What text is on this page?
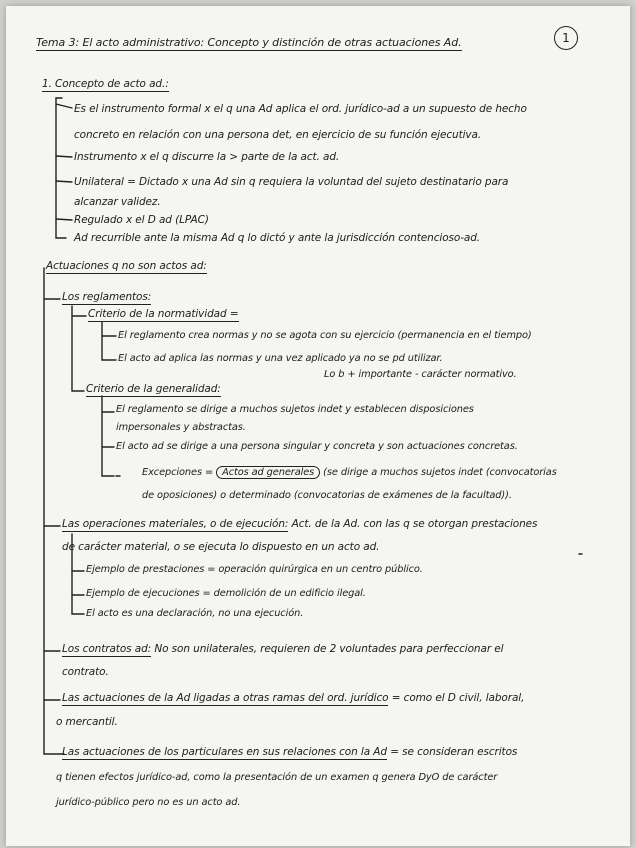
1
Tema 3: El acto administrativo: Concepto y distinción de otras actuaciones Ad.
1. Concepto de acto ad.:
Es el instrumento formal x el q una Ad aplica el ord. jurídico-ad a un supuesto de hecho
concreto en relación con una persona det, en ejercicio de su función ejecutiva.
Instrumento x el q discurre la > parte de la act. ad.
Unilateral = Dictado x una Ad sin q requiera la voluntad del sujeto destinatario para
alcanzar validez.
Regulado x el D ad (LPAC)
Ad recurrible ante la misma Ad q lo dictó y ante la jurisdicción contencioso-ad.
Actuaciones q no son actos ad:
Los reglamentos:
Criterio de la normatividad =
El reglamento crea normas y no se agota con su ejercicio (permanencia en el tiempo)
El acto ad aplica las normas y una vez aplicado ya no se pd utilizar.
Lo b + importante - carácter normativo.
Criterio de la generalidad:
El reglamento se dirige a muchos sujetos indet y establecen disposiciones
impersonales y abstractas.
El acto ad se dirige a una persona singular y concreta y son actuaciones concretas.
Excepciones = Actos ad generales (se dirige a muchos sujetos indet (convocatorias
de oposiciones) o determinado (convocatorias de exámenes de la facultad)).
Las operaciones materiales, o de ejecución: Act. de la Ad. con las q se otorgan prestaciones
de carácter material, o se ejecuta lo dispuesto en un acto ad.
Ejemplo de prestaciones = operación quirúrgica en un centro público.
Ejemplo de ejecuciones = demolición de un edificio ilegal.
El acto es una declaración, no una ejecución.
Los contratos ad: No son unilaterales, requieren de 2 voluntades para perfeccionar el
contrato.
Las actuaciones de la Ad ligadas a otras ramas del ord. jurídico = como el D civil, laboral,
o mercantil.
Las actuaciones de los particulares en sus relaciones con la Ad = se consideran escritos
q tienen efectos jurídico-ad, como la presentación de un examen q genera DyO de carácter
jurídico-público pero no es un acto ad.
